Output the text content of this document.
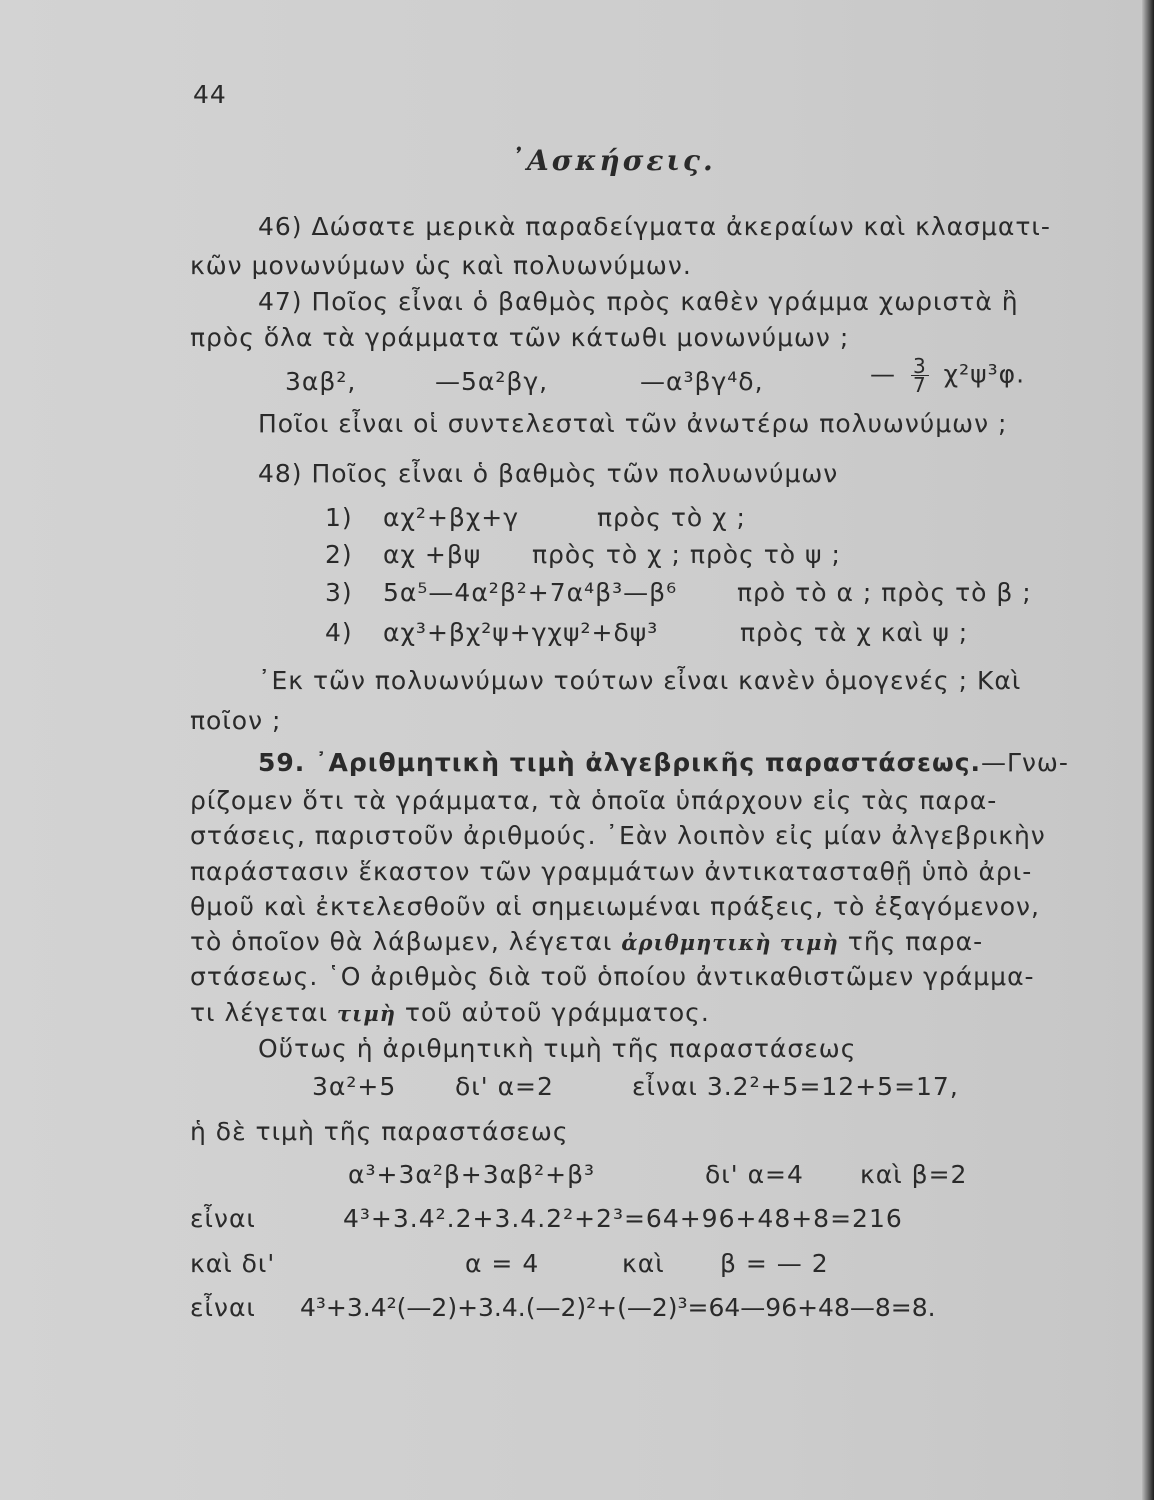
44
᾿Ασκήσεις.
46) Δώσατε μερικὰ παραδείγματα ἀκεραίων καὶ κλασματι-
κῶν μονωνύμων ὡς καὶ πολυωνύμων.
47) Ποῖος εἶναι ὁ βαθμὸς πρὸς καθὲν γράμμα χωριστὰ ἢ
πρὸς ὅλα τὰ γράμματα τῶν κάτωθι μονωνύμων ;
3αβ²,	—5α²βγ,	—α³βγ⁴δ,	— $\frac{3}{7} \chi^2\psi^3\varphi$.
Ποῖοι εἶναι οἱ συντελεσταὶ τῶν ἀνωτέρω πολυωνύμων ;
48) Ποῖος εἶναι ὁ βαθμὸς τῶν πολυωνύμων
1) αχ²+βχ+γ	πρὸς τὸ χ ;
2) αχ +βψ πρὸς τὸ χ ; πρὸς τὸ ψ ;
3) 5α⁵—4α²β²+7α⁴β³—β⁶ πρὸ τὸ α ; πρὸς τὸ β ;
4) αχ³+βχ²ψ+γχψ²+δψ³	πρὸς τὰ χ καὶ ψ ;
᾿Εκ τῶν πολυωνύμων τούτων εἶναι κανὲν ὁμογενές ; Καὶ
ποῖον ;
59. ᾿Αριθμητικὴ τιμὴ ἀλγεβρικῆς παραστάσεως.—Γνω-
ρίζομεν ὅτι τὰ γράμματα, τὰ ὁποῖα ὑπάρχουν εἰς τὰς παρα-
στάσεις, παριστοῦν ἀριθμούς. ᾿Εὰν λοιπὸν εἰς μίαν ἀλγεβρικὴν
παράστασιν ἕκαστον τῶν γραμμάτων ἀντικατασταθῇ ὑπὸ ἀρι-
θμοῦ καὶ ἐκτελεσθοῦν αἱ σημειωμέναι πράξεις, τὸ ἐξαγόμενον,
τὸ ὁποῖον θὰ λάβωμεν, λέγεται ἀριθμητικὴ τιμὴ τῆς παρα-
στάσεως. ῾Ο ἀριθμὸς διὰ τοῦ ὁποίου ἀντικαθιστῶμεν γράμμα-
τι λέγεται τιμὴ τοῦ αὐτοῦ γράμματος.
Οὕτως ἡ ἀριθμητικὴ τιμὴ τῆς παραστάσεως
3α²+5 δι' α=2	εἶναι 3.2²+5=12+5=17,
ἡ δὲ τιμὴ τῆς παραστάσεως
α³+3α²β+3αβ²+β³	δι' α=4 καὶ β=2
εἶναι	4³+3.4².2+3.4.2²+2³=64+96+48+8=216
καὶ δι'	α = 4	καὶ β = — 2
εἶναι 4³+3.4²(—2)+3.4.(—2)²+(—2)³=64—96+48—8=8.
